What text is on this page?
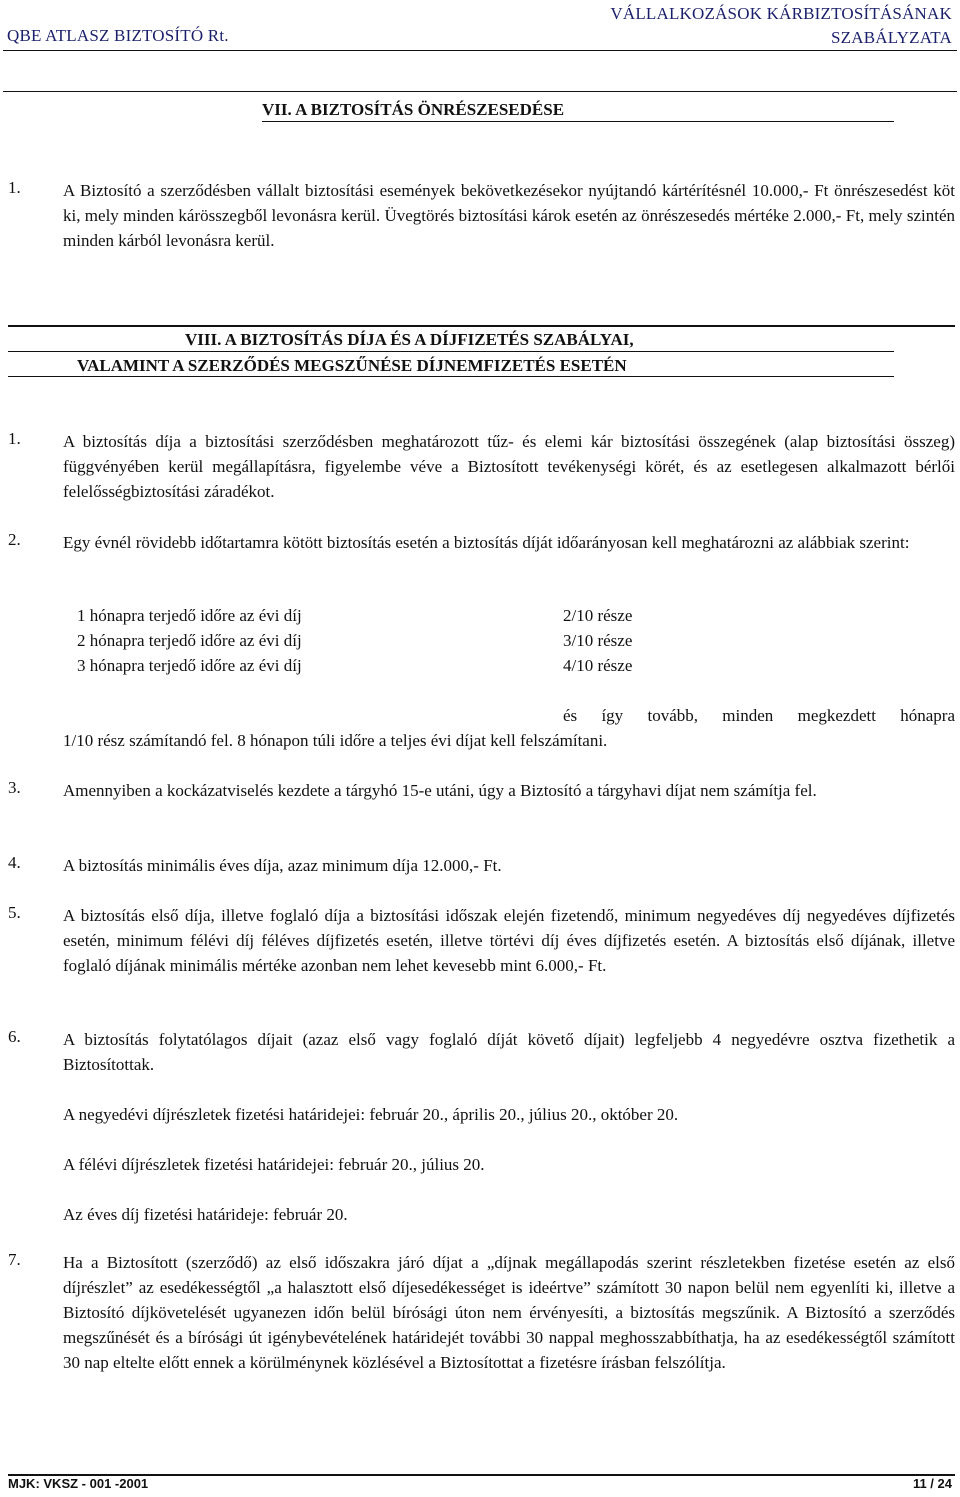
QBE ATLASZ BIZTOSÍTÓ Rt.
VÁLLALKOZÁSOK KÁRBIZTOSÍTÁSÁNAK
SZABÁLYZATA
VII. A BIZTOSÍTÁS ÖNRÉSZESEDÉSE
1. A Biztosító a szerződésben vállalt biztosítási események bekövetkezésekor nyújtandó kártérítésnél 10.000,- Ft önrészesedést köt ki, mely minden kárösszegből levonásra kerül. Üvegtörés biztosítási károk esetén az önrészesedés mértéke 2.000,- Ft, mely szintén minden kárból levonásra kerül.
VIII. A BIZTOSÍTÁS DÍJA ÉS A DÍJFIZETÉS SZABÁLYAI,
VALAMINT A SZERZŐDÉS MEGSZŰNÉSE DÍJNEMFIZETÉS ESETÉN
1. A biztosítás díja a biztosítási szerződésben meghatározott tűz- és elemi kár biztosítási összegének (alap biztosítási összeg) függvényében kerül megállapításra, figyelembe véve a Biztosított tevékenységi körét, és az esetlegesen alkalmazott bérlői felelősségbiztosítási záradékot.
2. Egy évnél rövidebb időtartamra kötött biztosítás esetén a biztosítás díját időarányosan kell meghatározni az alábbiak szerint:
1 hónapra terjedő időre az évi díj	2/10 része
2 hónapra terjedő időre az évi díj	3/10 része
3 hónapra terjedő időre az évi díj	4/10 része
és így tovább, minden megkezdett hónapra
1/10 rész számítandó fel. 8 hónapon túli időre a teljes évi díjat kell felszámítani.
3. Amennyiben a kockázatviselés kezdete a tárgyhó 15-e utáni, úgy a Biztosító a tárgyhavi díjat nem számítja fel.
4. A biztosítás minimális éves díja, azaz minimum díja 12.000,- Ft.
5. A biztosítás első díja, illetve foglaló díja a biztosítási időszak elején fizetendő, minimum negyedéves díj negyedéves díjfizetés esetén, minimum félévi díj féléves díjfizetés esetén, illetve törtévi díj éves díjfizetés esetén. A biztosítás első díjának, illetve foglaló díjának minimális mértéke azonban nem lehet kevesebb mint 6.000,- Ft.
6. A biztosítás folytatólagos díjait (azaz első vagy foglaló díját követő díjait) legfeljebb 4 negyedévre osztva fizethetik a Biztosítottak.
A negyedévi díjrészletek fizetési határidejei: február 20., április 20., július 20., október 20.
A félévi díjrészletek fizetési határidejei: február 20., július 20.
Az éves díj fizetési határideje: február 20.
7. Ha a Biztosított (szerződő) az első időszakra járó díjat a „díjnak megállapodás szerint részletekben fizetése esetén az első díjrészlet” az esedékességtől „a halasztott első díjesedékességet is ideértve” számított 30 napon belül nem egyenlíti ki, illetve a Biztosító díjkövetelését ugyanezen időn belül bírósági úton nem érvényesíti, a biztosítás megszűnik. A Biztosító a szerződés megszűnését és a bírósági út igénybevételének határidejét további 30 nappal meghosszabbíthatja, ha az esedékességtől számított 30 nap eltelte előtt ennek a körülménynek közlésével a Biztosítottat a fizetésre írásban felszólítja.
MJK: VKSZ - 001 -2001	11 / 24
